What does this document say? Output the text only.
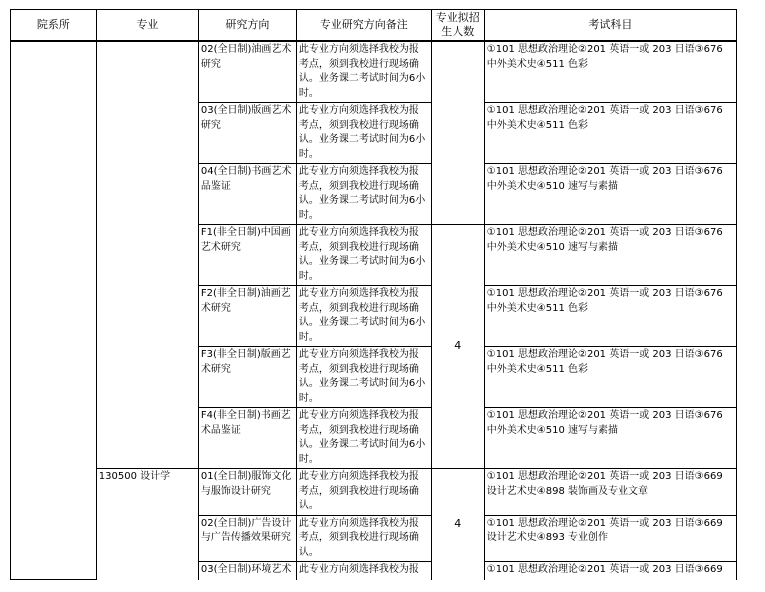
院系所	专业	研究方向	专业研究方向备注	专业拟招生人数	考试科目
		02(全日制)油画艺术研究	此专业方向须选择我校为报考点，须到我校进行现场确认。业务课二考试时间为6小时。		①101 思想政治理论②201 英语一或 203 日语③676 中外美术史④511 色彩
		03(全日制)版画艺术研究	此专业方向须选择我校为报考点，须到我校进行现场确认。业务课二考试时间为6小时。		①101 思想政治理论②201 英语一或 203 日语③676 中外美术史④511 色彩
		04(全日制)书画艺术品鉴证	此专业方向须选择我校为报考点，须到我校进行现场确认。业务课二考试时间为6小时。		①101 思想政治理论②201 英语一或 203 日语③676 中外美术史④510 速写与素描
		F1(非全日制)中国画艺术研究	此专业方向须选择我校为报考点，须到我校进行现场确认。业务课二考试时间为6小时。	4	①101 思想政治理论②201 英语一或 203 日语③676 中外美术史④510 速写与素描
		F2(非全日制)油画艺术研究	此专业方向须选择我校为报考点，须到我校进行现场确认。业务课二考试时间为6小时。		①101 思想政治理论②201 英语一或 203 日语③676 中外美术史④511 色彩
		F3(非全日制)版画艺术研究	此专业方向须选择我校为报考点，须到我校进行现场确认。业务课二考试时间为6小时。		①101 思想政治理论②201 英语一或 203 日语③676 中外美术史④511 色彩
		F4(非全日制)书画艺术品鉴证	此专业方向须选择我校为报考点，须到我校进行现场确认。业务课二考试时间为6小时。		①101 思想政治理论②201 英语一或 203 日语③676 中外美术史④510 速写与素描
	130500 设计学	01(全日制)服饰文化与服饰设计研究	此专业方向须选择我校为报考点，须到我校进行现场确认。	4	①101 思想政治理论②201 英语一或 203 日语③669 设计艺术史④898 装饰画及专业文章
		02(全日制)广告设计与广告传播效果研究	此专业方向须选择我校为报考点，须到我校进行现场确认。		①101 思想政治理论②201 英语一或 203 日语③669 设计艺术史④893 专业创作
		03(全日制)环境艺术	此专业方向须选择我校为报		①101 思想政治理论②201 英语一或 203 日语③669
